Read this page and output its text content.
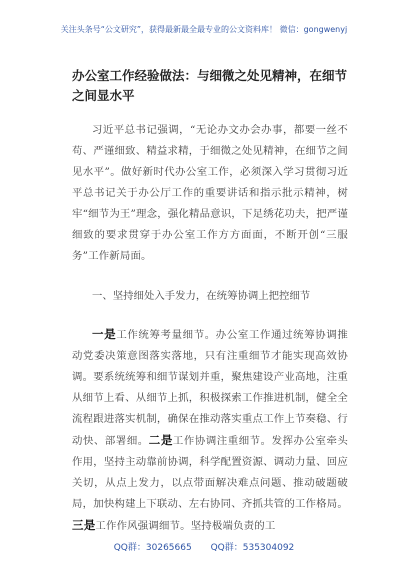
关注头条号“公文研究”，获得最新最全最专业的公文资料库！ 微信：gongwenyj
办公室工作经验做法：与细微之处见精神，在细节之间显水平
习近平总书记强调，“无论办文办会办事，都要一丝不苟、严谨细致、精益求精，于细微之处见精神，在细节之间见水平”。做好新时代办公室工作，必须深入学习贯彻习近平总书记关于办公厅工作的重要讲话和指示批示精神，树牢“细节为王”理念，强化精品意识，下足绣花功夫，把严谨细致的要求贯穿于办公室工作方方面面，不断开创“三服务”工作新局面。
一、坚持细处入手发力，在统筹协调上把控细节
一是工作统筹考量细节。办公室工作通过统筹协调推动党委决策意图落实落地，只有注重细节才能实现高效协调。要系统统筹和细节谋划并重，聚焦建设产业高地，注重从细节上看、从细节上抓，积极探索工作推进机制，健全全流程跟进落实机制，确保在推动落实重点工作上节奏稳、行动快、部署细。二是工作协调注重细节。发挥办公室牵头作用，坚持主动靠前协调，科学配置资源、调动力量、回应关切，从点上发力，以点带面解决难点问题、推动破题破局，加快构建上下联动、左右协同、齐抓共管的工作格局。三是工作作风强调细节。坚持极端负责的工
QQ群：30265665 QQ群：535304092
